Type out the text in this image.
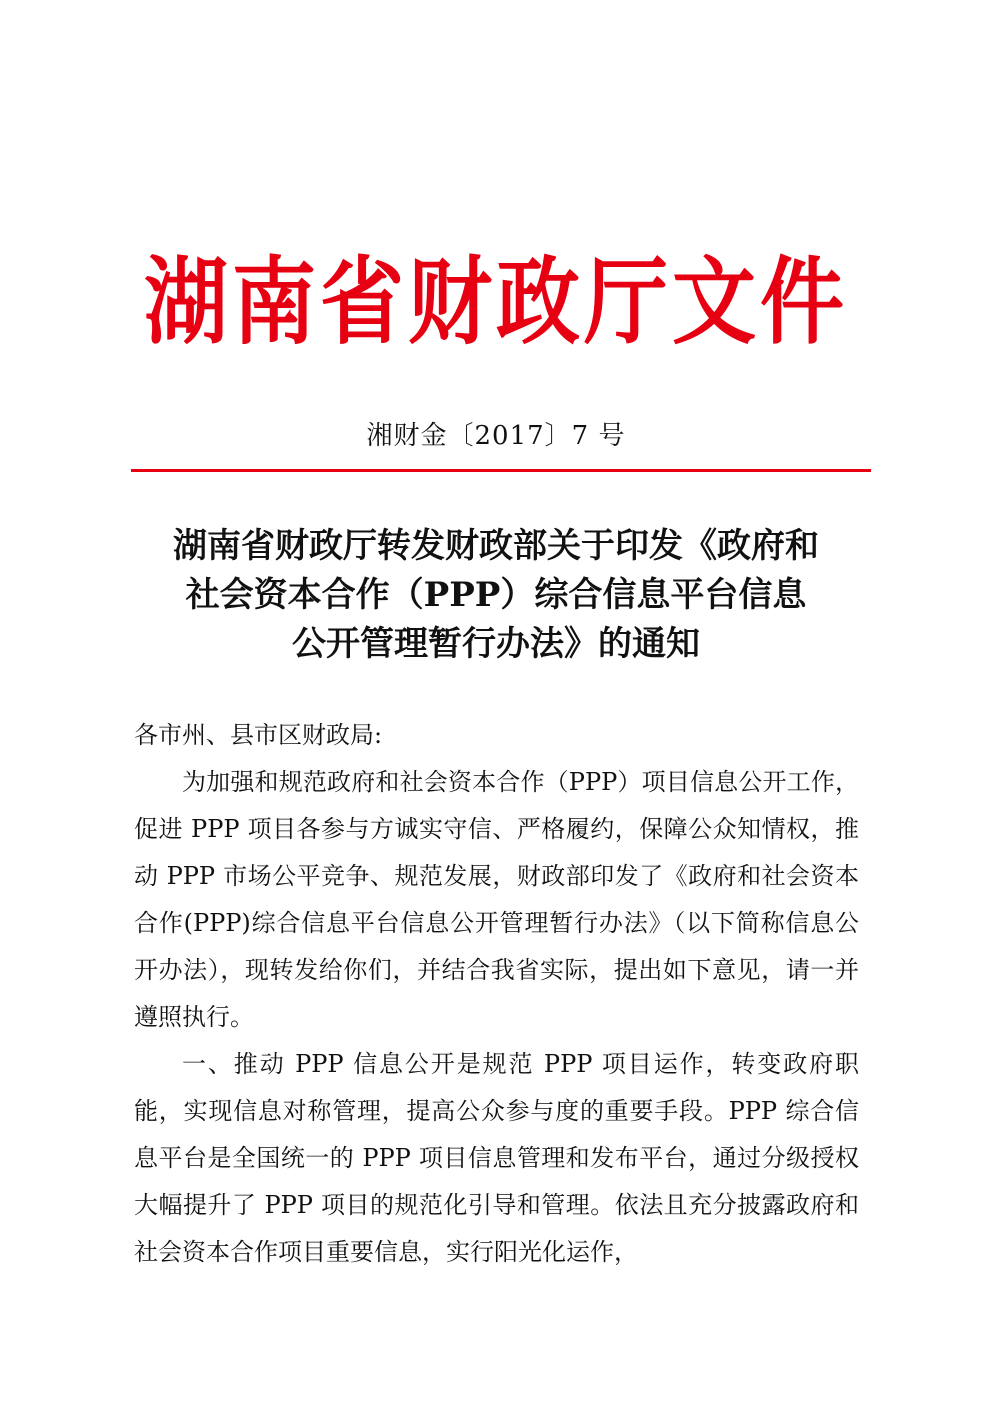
湖南省财政厅文件
湘财金〔2017〕7 号
湖南省财政厅转发财政部关于印发《政府和
社会资本合作（PPP）综合信息平台信息
公开管理暂行办法》的通知

各市州、县市区财政局:

为加强和规范政府和社会资本合作（PPP）项目信息公开工作，促进 PPP 项目各参与方诚实守信、严格履约，保障公众知情权，推动 PPP 市场公平竞争、规范发展，财政部印发了《政府和社会资本合作(PPP)综合信息平台信息公开管理暂行办法》（以下简称信息公开办法），现转发给你们，并结合我省实际，提出如下意见，请一并遵照执行。

一、推动 PPP 信息公开是规范 PPP 项目运作，转变政府职能，实现信息对称管理，提高公众参与度的重要手段。PPP 综合信息平台是全国统一的 PPP 项目信息管理和发布平台，通过分级授权大幅提升了 PPP 项目的规范化引导和管理。依法且充分披露政府和社会资本合作项目重要信息，实行阳光化运作，
